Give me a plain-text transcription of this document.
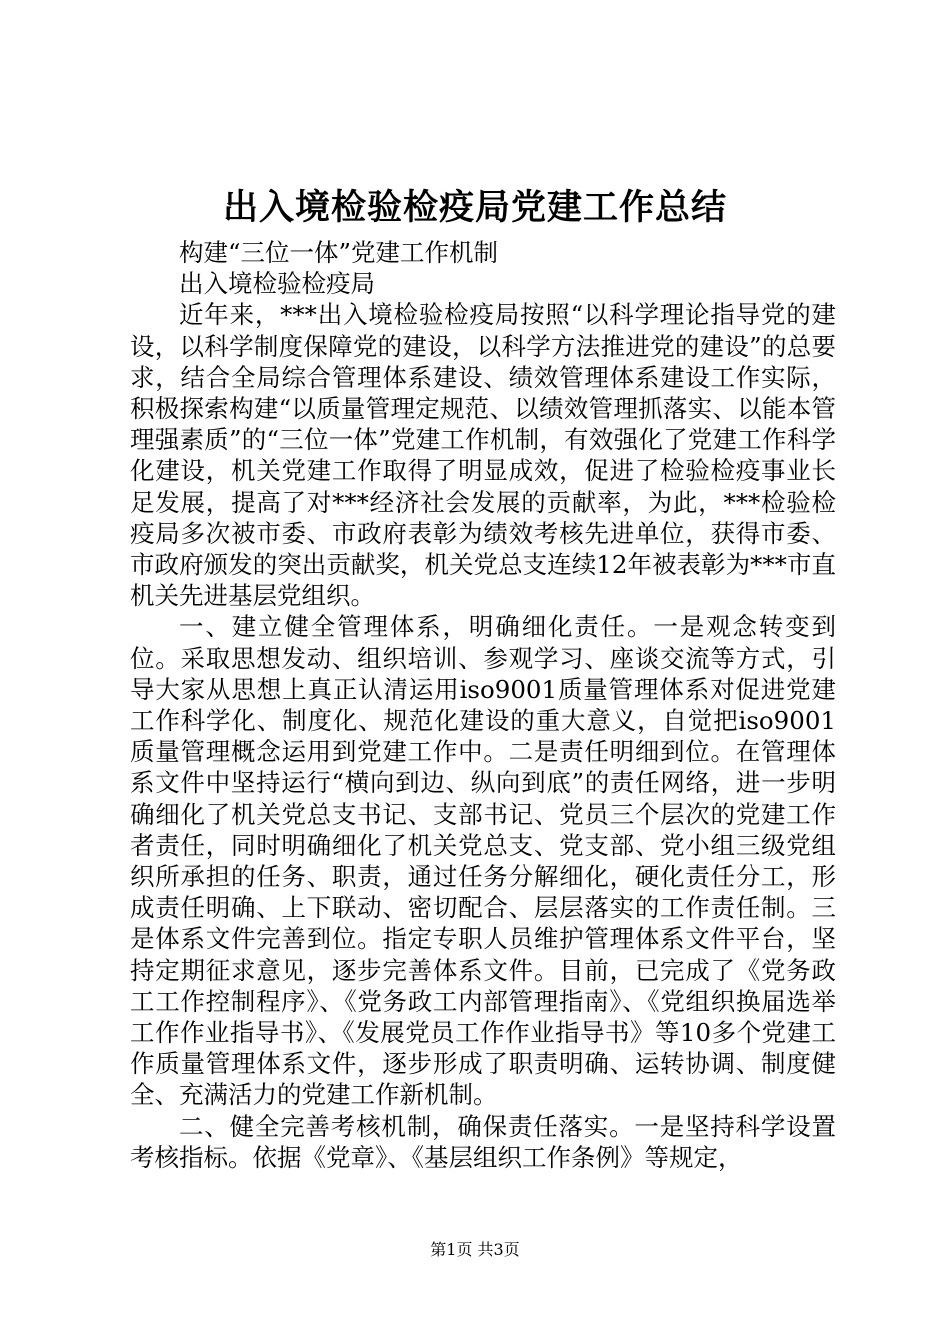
出入境检验检疫局党建工作总结

构建“三位一体”党建工作机制

出入境检验检疫局

近年来，***出入境检验检疫局按照“以科学理论指导党的建设，以科学制度保障党的建设，以科学方法推进党的建设”的总要求，结合全局综合管理体系建设、绩效管理体系建设工作实际，积极探索构建“以质量管理定规范、以绩效管理抓落实、以能本管理强素质”的“三位一体”党建工作机制，有效强化了党建工作科学化建设，机关党建工作取得了明显成效，促进了检验检疫事业长足发展，提高了对***经济社会发展的贡献率，为此，***检验检疫局多次被市委、市政府表彰为绩效考核先进单位，获得市委、市政府颁发的突出贡献奖，机关党总支连续12年被表彰为***市直机关先进基层党组织。

一、建立健全管理体系，明确细化责任。一是观念转变到位。采取思想发动、组织培训、参观学习、座谈交流等方式，引导大家从思想上真正认清运用iso9001质量管理体系对促进党建工作科学化、制度化、规范化建设的重大意义，自觉把iso9001质量管理概念运用到党建工作中。二是责任明细到位。在管理体系文件中坚持运行“横向到边、纵向到底”的责任网络，进一步明确细化了机关党总支书记、支部书记、党员三个层次的党建工作者责任，同时明确细化了机关党总支、党支部、党小组三级党组织所承担的任务、职责，通过任务分解细化，硬化责任分工，形成责任明确、上下联动、密切配合、层层落实的工作责任制。三是体系文件完善到位。指定专职人员维护管理体系文件平台，坚持定期征求意见，逐步完善体系文件。目前，已完成了《党务政工工作控制程序》、《党务政工内部管理指南》、《党组织换届选举工作作业指导书》、《发展党员工作作业指导书》等10多个党建工作质量管理体系文件，逐步形成了职责明确、运转协调、制度健全、充满活力的党建工作新机制。

二、健全完善考核机制，确保责任落实。一是坚持科学设置考核指标。依据《党章》、《基层组织工作条例》等规定，

第1页 共3页
